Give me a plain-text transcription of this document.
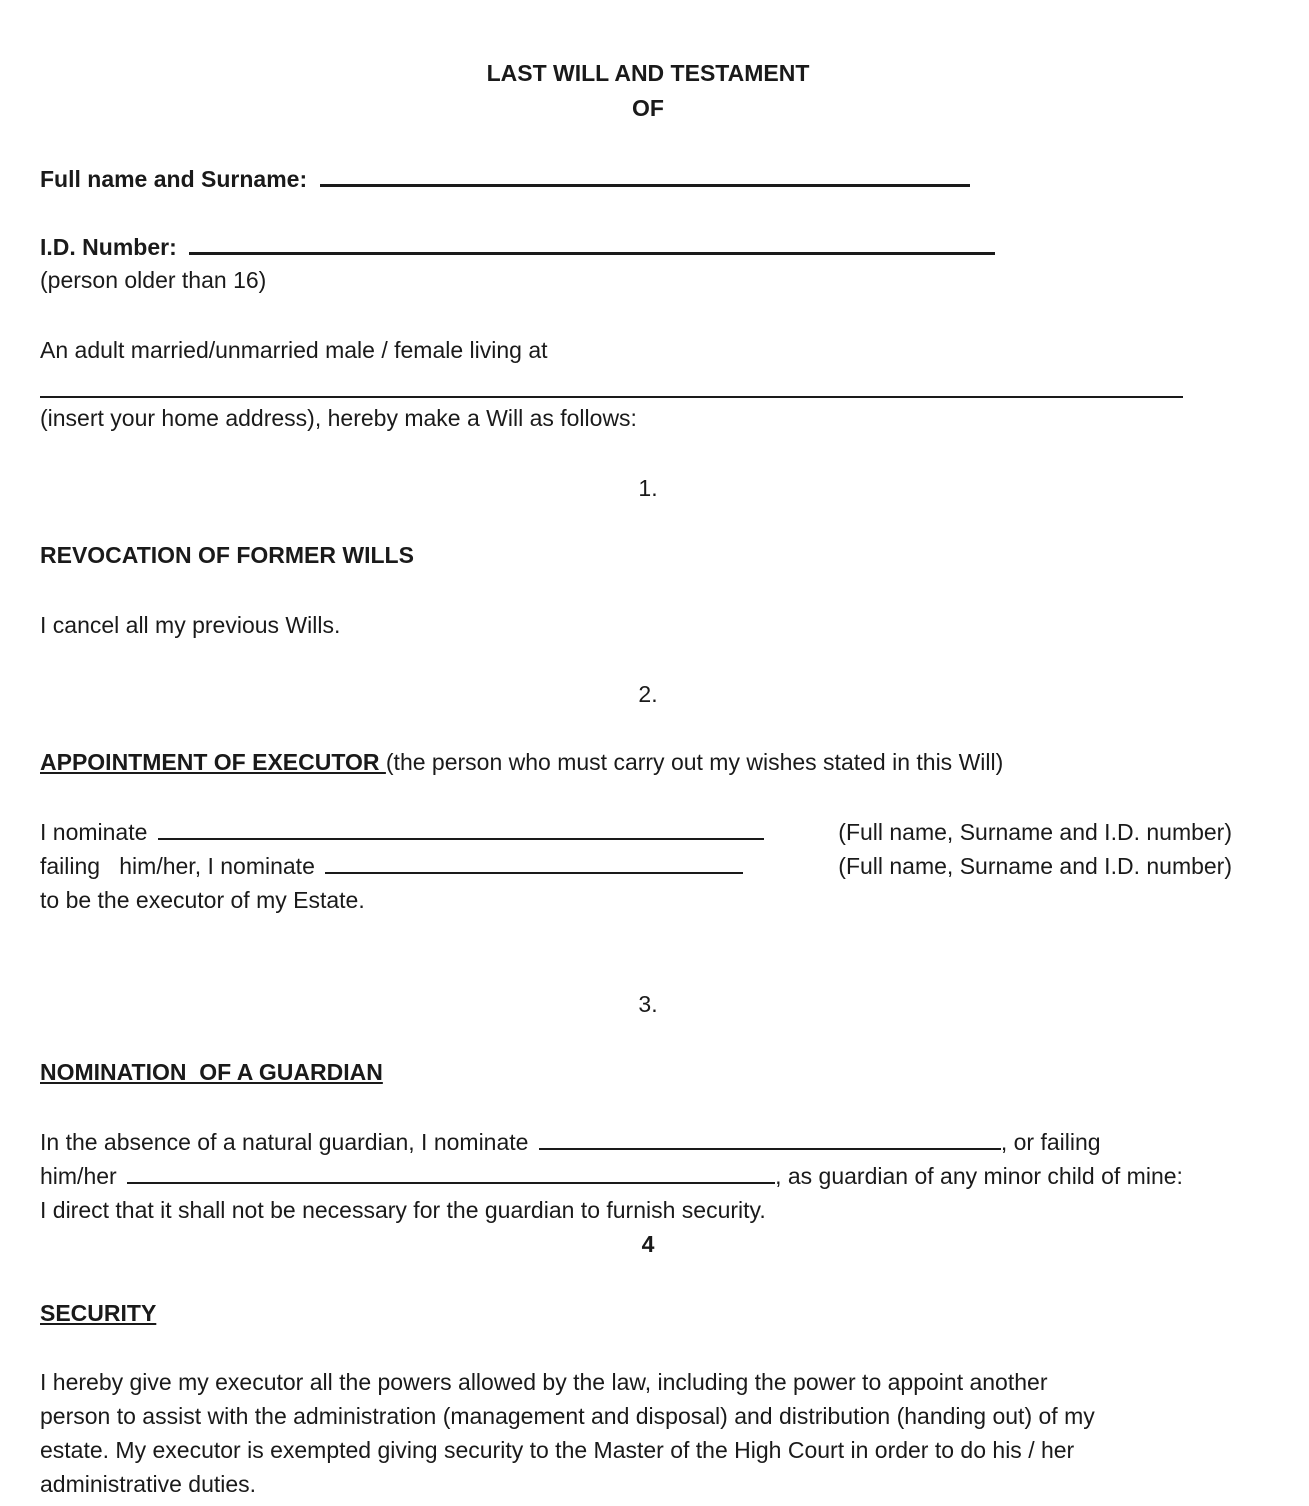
LAST WILL AND TESTAMENT
OF
Full name and Surname:
I.D. Number:
(person older than 16)
An adult married/unmarried male / female living at
(insert your home address), hereby make a Will as follows:
1.
REVOCATION OF FORMER WILLS
I cancel all my previous Wills.
2.
APPOINTMENT OF EXECUTOR (the person who must carry out my wishes stated in this Will)
I nominate	(Full name, Surname and I.D. number)
failing   him/her, I nominate	(Full name, Surname and I.D. number)
to be the executor of my Estate.
3.
NOMINATION  OF A GUARDIAN
In the absence of a natural guardian, I nominate	, or failing
him/her	, as guardian of any minor child of mine:
I direct that it shall not be necessary for the guardian to furnish security.
4
SECURITY
I hereby give my executor all the powers allowed by the law, including the power to appoint another
person to assist with the administration (management and disposal) and distribution (handing out) of my
estate. My executor is exempted giving security to the Master of the High Court in order to do his / her
administrative duties.
